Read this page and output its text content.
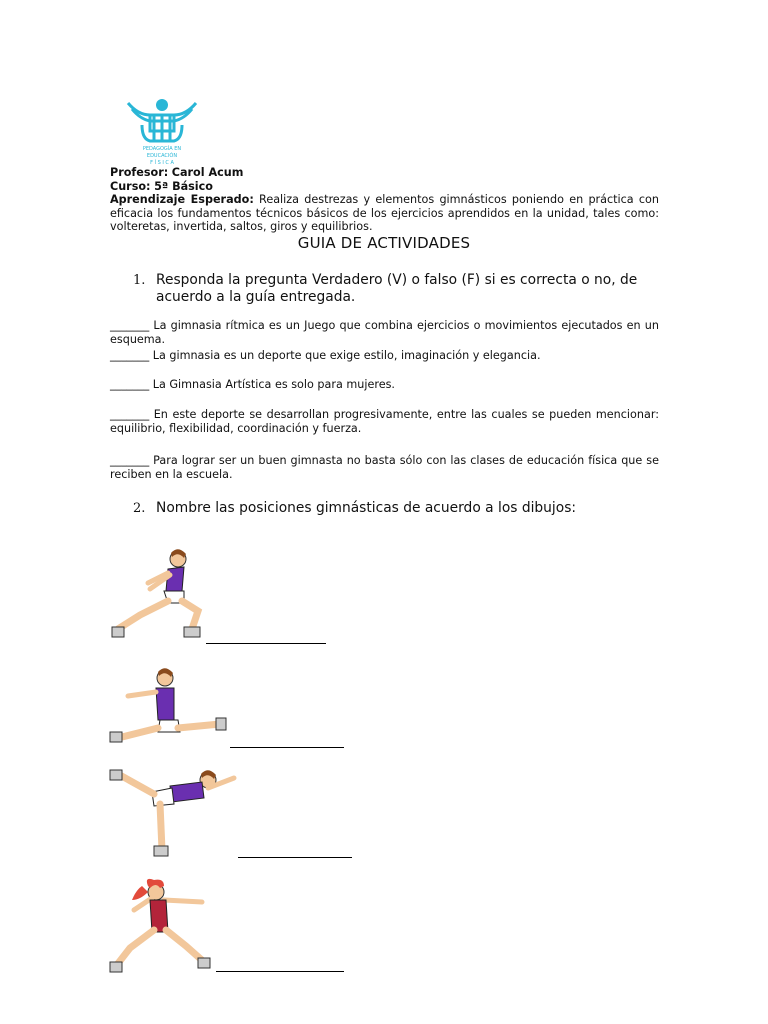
PEDAGOGÍA EN
EDUCACIÓN
F Í S I C A
Profesor: Carol Acum
Curso: 5ª Básico
Aprendizaje Esperado: Realiza destrezas y elementos gimnásticos poniendo en práctica con eficacia los fundamentos técnicos básicos de los ejercicios aprendidos en la unidad, tales como: volteretas, invertida, saltos, giros y equilibrios.
GUIA DE ACTIVIDADES
1. Responda la pregunta Verdadero (V) o falso (F) si es correcta o no, de acuerdo a la guía entregada.
_______ La gimnasia rítmica es un Juego que combina ejercicios o movimientos ejecutados en un esquema.
_______ La gimnasia es un deporte que exige estilo, imaginación y elegancia.
_______ La Gimnasia Artística es solo para mujeres.
_______ En este deporte se desarrollan progresivamente, entre las cuales se pueden mencionar: equilibrio, flexibilidad, coordinación y fuerza.
_______ Para lograr ser un buen gimnasta no basta sólo con las clases de educación física que se reciben en la escuela.
2. Nombre las posiciones gimnásticas de acuerdo a los dibujos:
